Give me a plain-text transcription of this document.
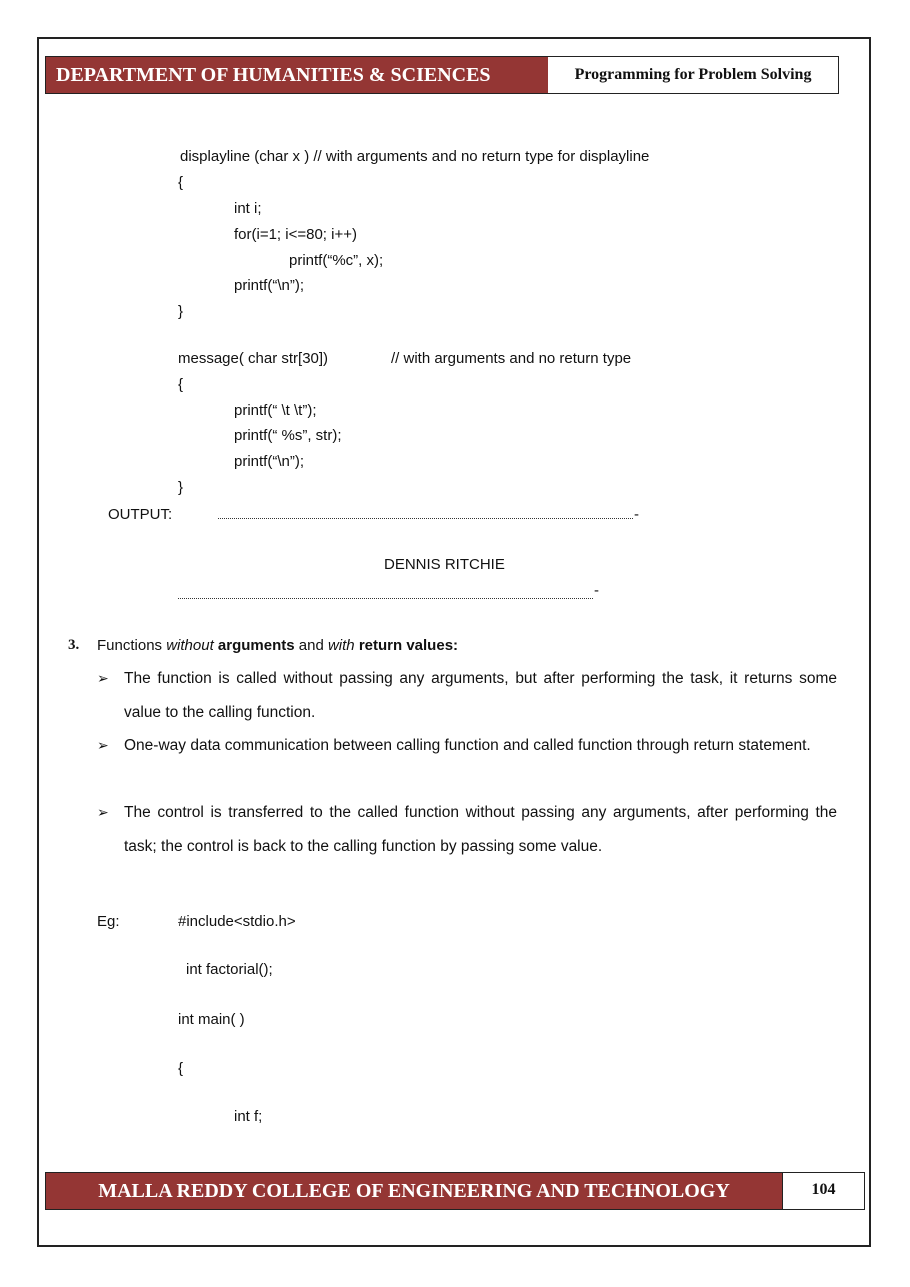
DEPARTMENT OF HUMANITIES & SCIENCES	Programming for Problem Solving
displayline (char x ) // with arguments and no return type for displayline
{
int i;
for(i=1; i<=80; i++)
printf(“%c”, x);
printf(“\n”);
}
message( char str[30])	// with arguments and no return type
{
printf(“ \t \t”);
printf(“ %s”, str);
printf(“\n”);
}
OUTPUT:	-
DENNIS RITCHIE
-
3. Functions without arguments and with return values:
➢ The function is called without passing any arguments, but after performing the task, it returns some value to the calling function.
➢ One-way data communication between calling function and called function through return statement.
➢ The control is transferred to the called function without passing any arguments, after performing the task; the control is back to the calling function by passing some value.
Eg:	#include<stdio.h>
int factorial();
int main( )
{
int f;
MALLA REDDY COLLEGE OF ENGINEERING AND TECHNOLOGY	104
